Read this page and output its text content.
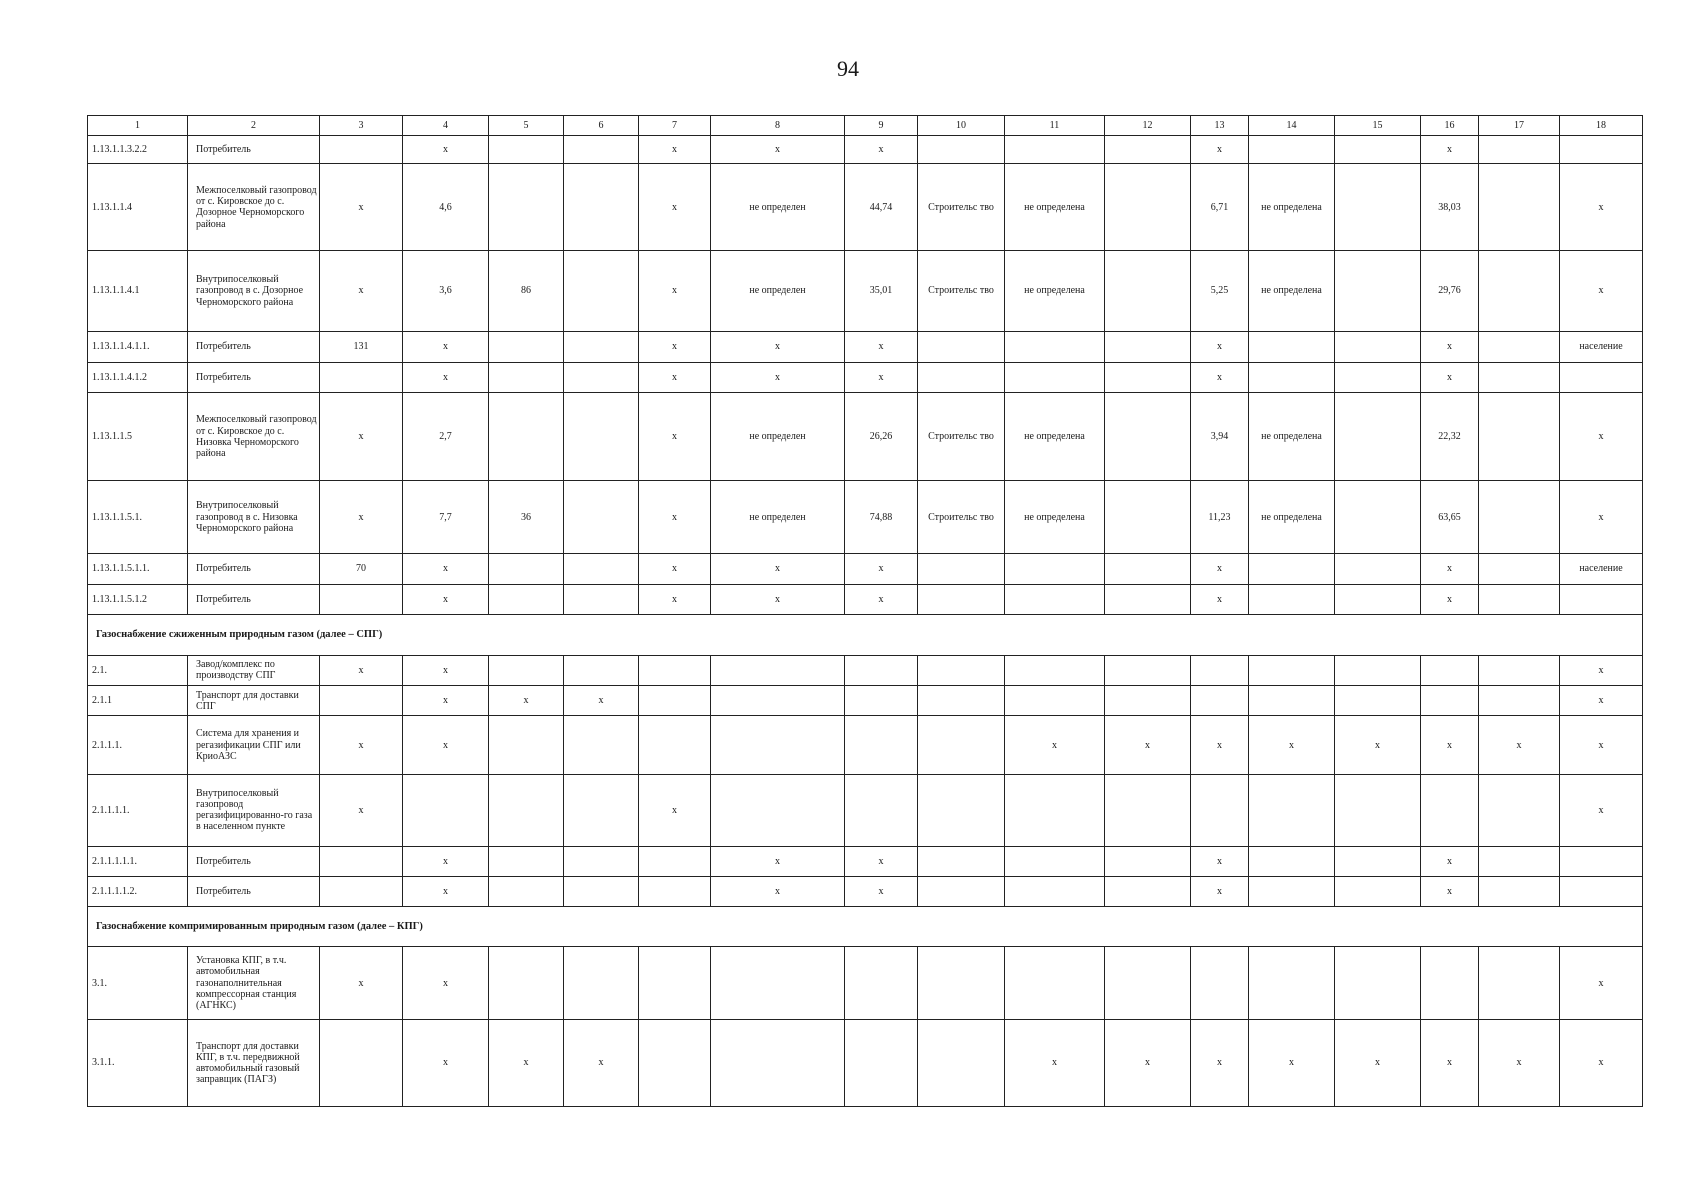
94
1	2	3	4	5	6	7	8	9	10	11	12	13	14	15	16	17	18
1.13.1.1.3.2.2	Потребитель		x			x	x	x				x			x		
1.13.1.1.4	Межпоселковый газопровод от с. Кировское до с. Дозорное Черноморского района	x	4,6			x	не определен	44,74	Строительс тво	не определена		6,71	не определена		38,03		x
1.13.1.1.4.1	Внутрипоселковый газопровод в с. Дозорное Черноморского района	x	3,6	86		x	не определен	35,01	Строительс тво	не определена		5,25	не определена		29,76		x
1.13.1.1.4.1.1.	Потребитель	131	x			x	x	x				x			x		население
1.13.1.1.4.1.2	Потребитель		x			x	x	x				x			x		
1.13.1.1.5	Межпоселковый газопровод от с. Кировское до с. Низовка Черноморского района	x	2,7			x	не определен	26,26	Строительс тво	не определена		3,94	не определена		22,32		x
1.13.1.1.5.1.	Внутрипоселковый газопровод в с. Низовка Черноморского района	x	7,7	36		x	не определен	74,88	Строительс тво	не определена		11,23	не определена		63,65		x
1.13.1.1.5.1.1.	Потребитель	70	x			x	x	x				x			x		население
1.13.1.1.5.1.2	Потребитель		x			x	x	x				x			x		
Газоснабжение сжиженным природным газом (далее – СПГ)																	
2.1.	Завод/комплекс по производству СПГ	x	x														x
2.1.1	Транспорт для доставки СПГ		x	x	x												x
2.1.1.1.	Система для хранения и регазификации СПГ или КриоАЗС	x	x							x	x	x	x	x	x	x	x
2.1.1.1.1.	Внутрипоселковый газопровод регазифицированно-го газа в населенном пункте	x				x											x
2.1.1.1.1.1.	Потребитель		x				x	x				x			x		
2.1.1.1.1.2.	Потребитель		x				x	x				x			x		
Газоснабжение компримированным природным газом (далее – КПГ)																	
3.1.	Установка КПГ, в т.ч. автомобильная газонаполнительная компрессорная станция (АГНКС)	x	x														x
3.1.1.	Транспорт для доставки КПГ, в т.ч. передвижной автомобильный газовый заправщик (ПАГЗ)		x	x	x					x	x	x	x	x	x	x	x
